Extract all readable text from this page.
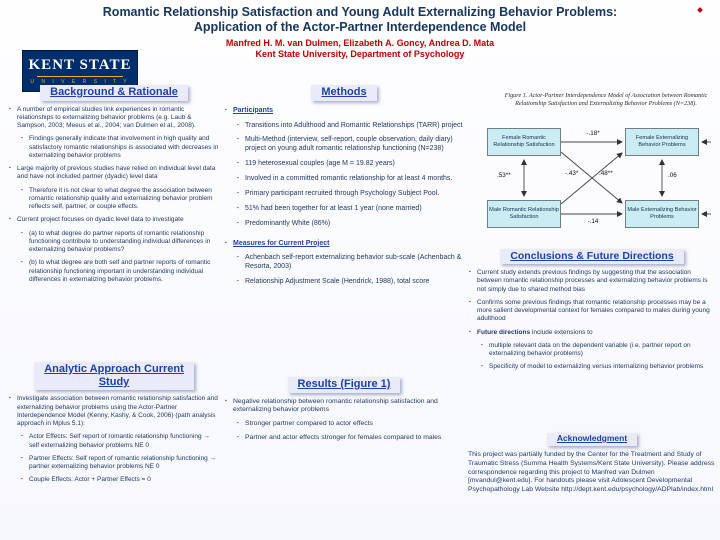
Romantic Relationship Satisfaction and Young Adult Externalizing Behavior Problems: Application of the Actor-Partner Interdependence Model
Manfred H. M. van Dulmen, Elizabeth A. Goncy, Andrea D. Mata
Kent State University, Department of Psychology
KENT STATE
U N I V E R S I T Y
Background & Rationale
▪
A number of empirical studies link experiences in romantic relationships to externalizing behavior problems (e.g. Laub & Sampson, 2003; Meeus et al., 2004; van Dulmen et al., 2008).
▪
Findings generally indicate that involvement in high quality and satisfactory romantic relationships is associated with decreases in externalizing behavior problems
▪
Large majority of previous studies have relied on individual level data and have not included partner (dyadic) level data
▪
Therefore it is not clear to what degree the association between romantic relationship quality and externalizing behavior problem reflects self, partner, or couple effects.
▪
Current project focuses on dyadic level data to investigate
▪
(a) to what degree do partner reports of romantic relationship functioning contribute to understanding individual differences in externalizing behavior problems?
▪
(b) to what degree are both self and partner reports of romantic relationship functioning important in understanding individual differences in externalizing behavior problems.
Analytic Approach Current Study
▪
Investigate association between romantic relationship satisfaction and externalizing behavior problems using the Actor-Partner Interdependence Model (Kenny, Kashy, & Cook, 2006) (path analysis approach in Mplus 5.1):
▪
Actor Effects: Self report of romantic relationship functioning → self externalizing behavior problems NE 0
▪
Partner Effects: Self report of romantic relationship functioning → partner externalizing behavior problems NE 0
▪
Couple Effects: Actor + Partner Effects = 0
Methods
▪
Participants
▪
Transitions into Adulthood and Romantic Relationships (TARR) project
▪
Multi-Method (interview, self-report, couple observation, daily diary) project on young adult romantic relationship functioning (N=238)
▪
119 heterosexual couples (age M = 19.82 years)
▪
Involved in a committed romantic relationship for at least 4 months.
▪
Primary participant recruited through Psychology Subject Pool.
▪
51% had been together for at least 1 year (none married)
▪
Predominantly White (86%)
▪
Measures for Current Project
▪
Achenbach self-report externalizing behavior sub-scale (Achenbach & Resorta, 2003)
▪
Relationship Adjustment Scale (Hendrick, 1988), total score
Results (Figure 1)
▪
Negative relationship between romantic relationship satisfaction and externalizing behavior problems
▪
Stronger partner compared to actor effects
▪
Partner and actor effects stronger for females compared to males
Figure 1. Actor-Partner Interdependence Model of Association between Romantic Relationship Satisfaction and Externalizing Behavior Problems (N=238).
Female Romantic Relationship Satisfaction
Female Externalizing Behavior Problems
Male Romantic Relationship Satisfaction
Male Externalizing Behavior Problems
-.18*
-.43*	.48**
.53**	.06
-.14
Conclusions & Future Directions
▪
Current study extends previous findings by suggesting that the association between romantic relationship processes and externalizing behavior problems is not simply due to shared method bias
▪
Confirms some previous findings that romantic relationship processes may be a more salient developmental context for females compared to males during young adulthood
▪
Future directions include extensions to
▪
multiple relevant data on the dependent variable (i.e. partner report on externalizing behavior problems)
▪
Specificity of model to externalizing versus internalizing behavior problems
Acknowledgment
This project was partially funded by the Center for the Treatment and Study of Traumatic Stress (Summa Health Systems/Kent State University). Please address correspondence regarding this project to Manfred van Dulmen [mvandul@kent.edu]. For handouts please visit Adolescent Developmental Psychopathology Lab Website http://dept.kent.edu/psychology/ADPlab/index.html
